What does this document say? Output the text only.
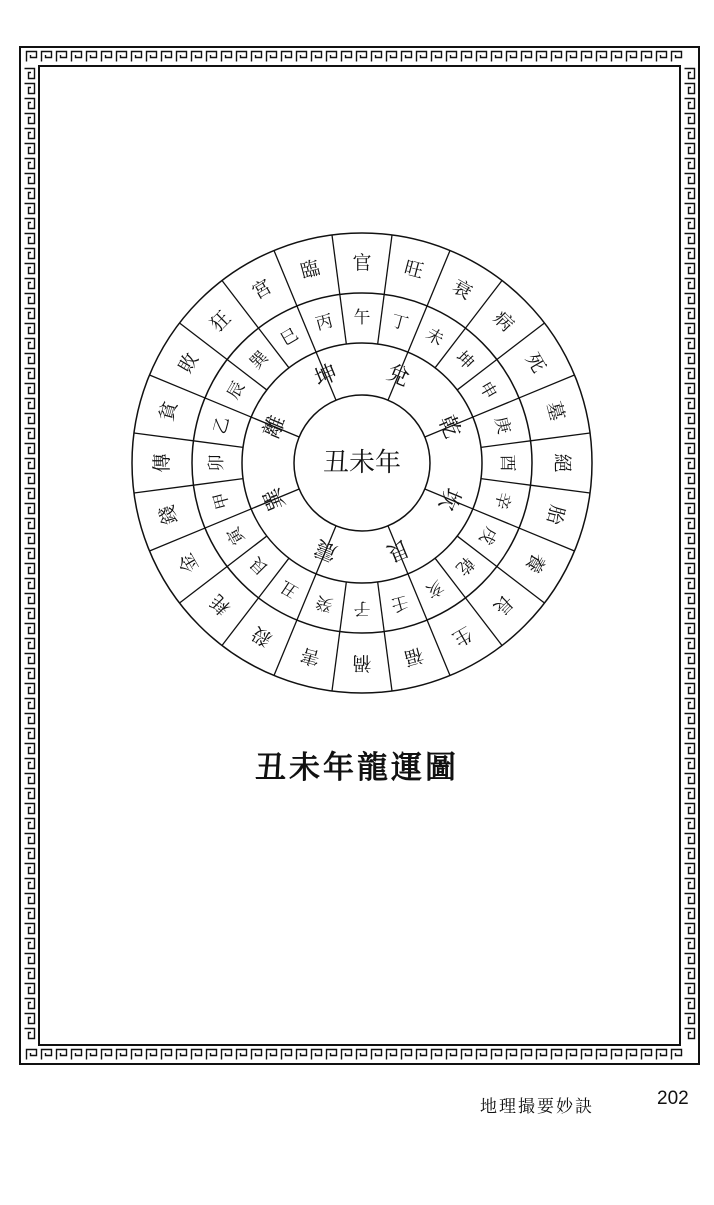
丑未年
坤 兌
乾
坎
艮
震
巽
離
丙 午 丁
未
坤
申
庚
酉
辛
戌
乾
亥
壬
子
癸
丑
艮
寅
甲
卯
乙
辰
巽
巳
臨 官 旺
衰
病
死
墓
絕
胎
養
長
生
福
禍
害
殺
耗
金
錢
傳
貧
敗
狂
宮
丑未年龍運圖
地理撮要妙訣	202
